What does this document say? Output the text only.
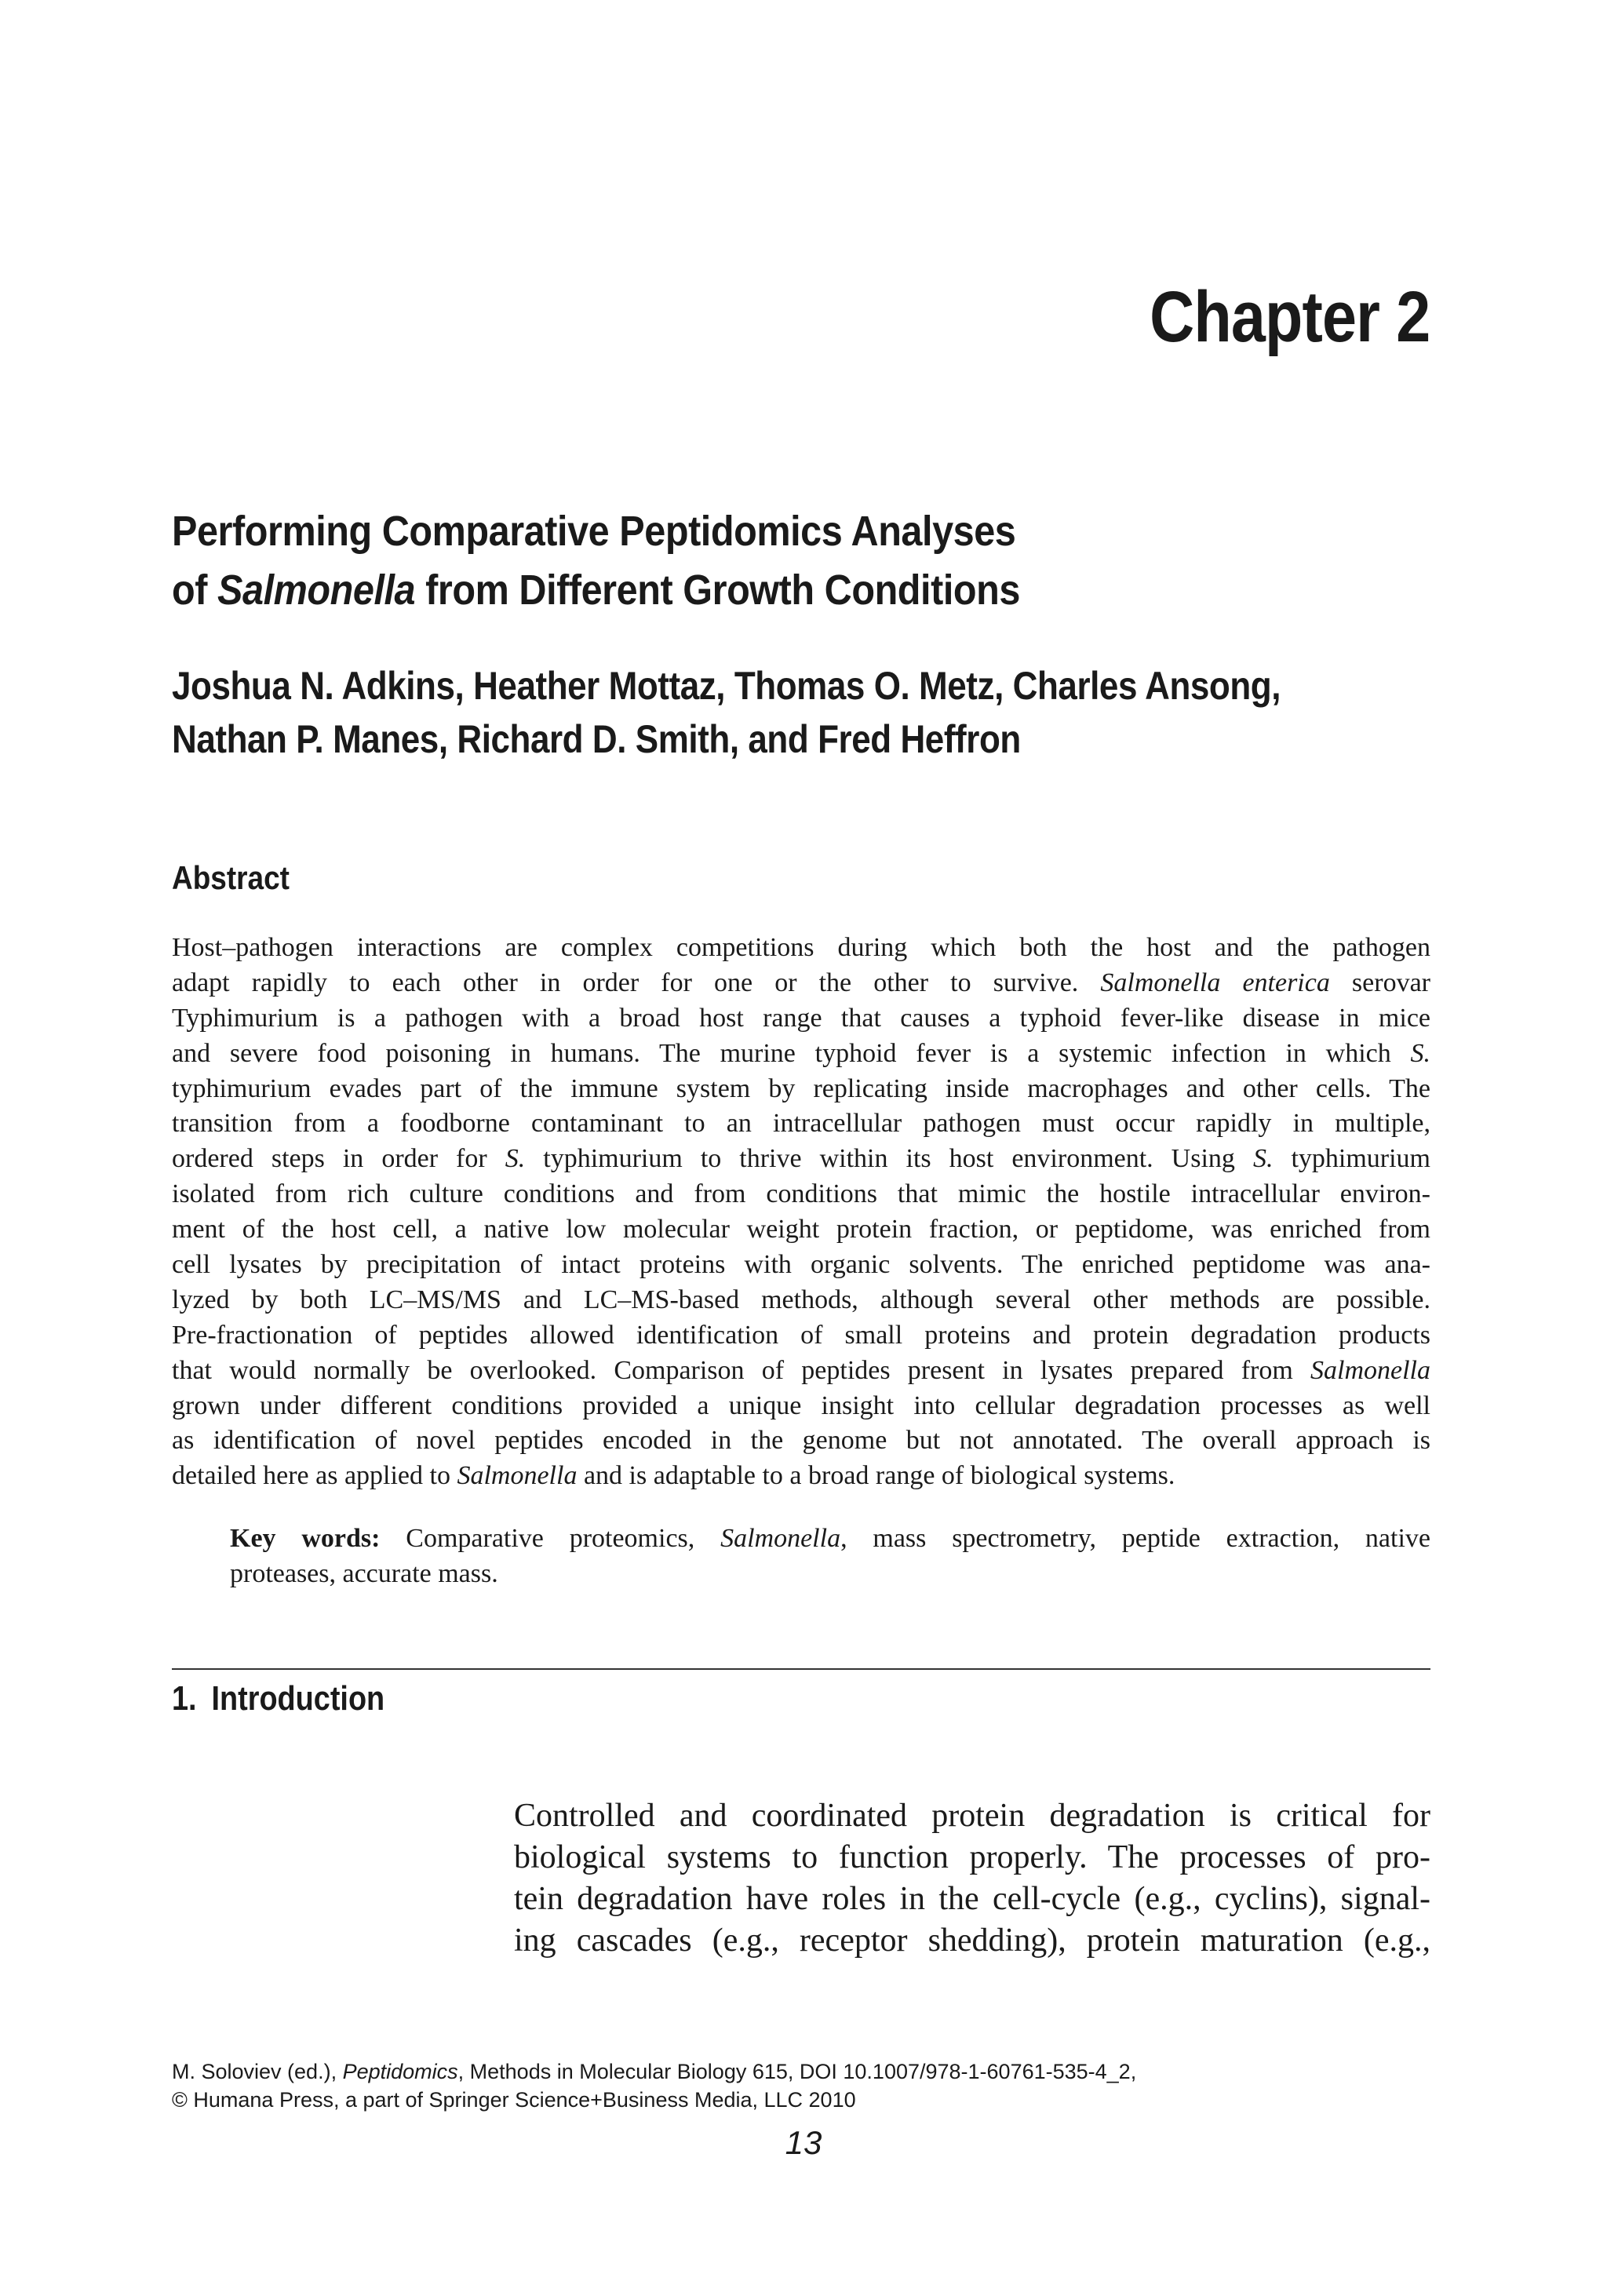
Chapter 2
Performing Comparative Peptidomics Analyses
of Salmonella from Different Growth Conditions
Joshua N. Adkins, Heather Mottaz, Thomas O. Metz, Charles Ansong,
Nathan P. Manes, Richard D. Smith, and Fred Heffron
Abstract
Host–pathogen interactions are complex competitions during which both the host and the pathogen
adapt rapidly to each other in order for one or the other to survive. Salmonella enterica serovar
Typhimurium is a pathogen with a broad host range that causes a typhoid fever-like disease in mice
and severe food poisoning in humans. The murine typhoid fever is a systemic infection in which S.
typhimurium evades part of the immune system by replicating inside macrophages and other cells. The
transition from a foodborne contaminant to an intracellular pathogen must occur rapidly in multiple,
ordered steps in order for S. typhimurium to thrive within its host environment. Using S. typhimurium
isolated from rich culture conditions and from conditions that mimic the hostile intracellular environ-
ment of the host cell, a native low molecular weight protein fraction, or peptidome, was enriched from
cell lysates by precipitation of intact proteins with organic solvents. The enriched peptidome was ana-
lyzed by both LC–MS/MS and LC–MS-based methods, although several other methods are possible.
Pre-fractionation of peptides allowed identification of small proteins and protein degradation products
that would normally be overlooked. Comparison of peptides present in lysates prepared from Salmonella
grown under different conditions provided a unique insight into cellular degradation processes as well
as identification of novel peptides encoded in the genome but not annotated. The overall approach is
detailed here as applied to Salmonella and is adaptable to a broad range of biological systems.
Key words: Comparative proteomics, Salmonella, mass spectrometry, peptide extraction, native
proteases, accurate mass.
1. Introduction
Controlled and coordinated protein degradation is critical for
biological systems to function properly. The processes of pro-
tein degradation have roles in the cell-cycle (e.g., cyclins), signal-
ing cascades (e.g., receptor shedding), protein maturation (e.g.,
M. Soloviev (ed.), Peptidomics, Methods in Molecular Biology 615, DOI 10.1007/978-1-60761-535-4_2,
© Humana Press, a part of Springer Science+Business Media, LLC 2010
13
